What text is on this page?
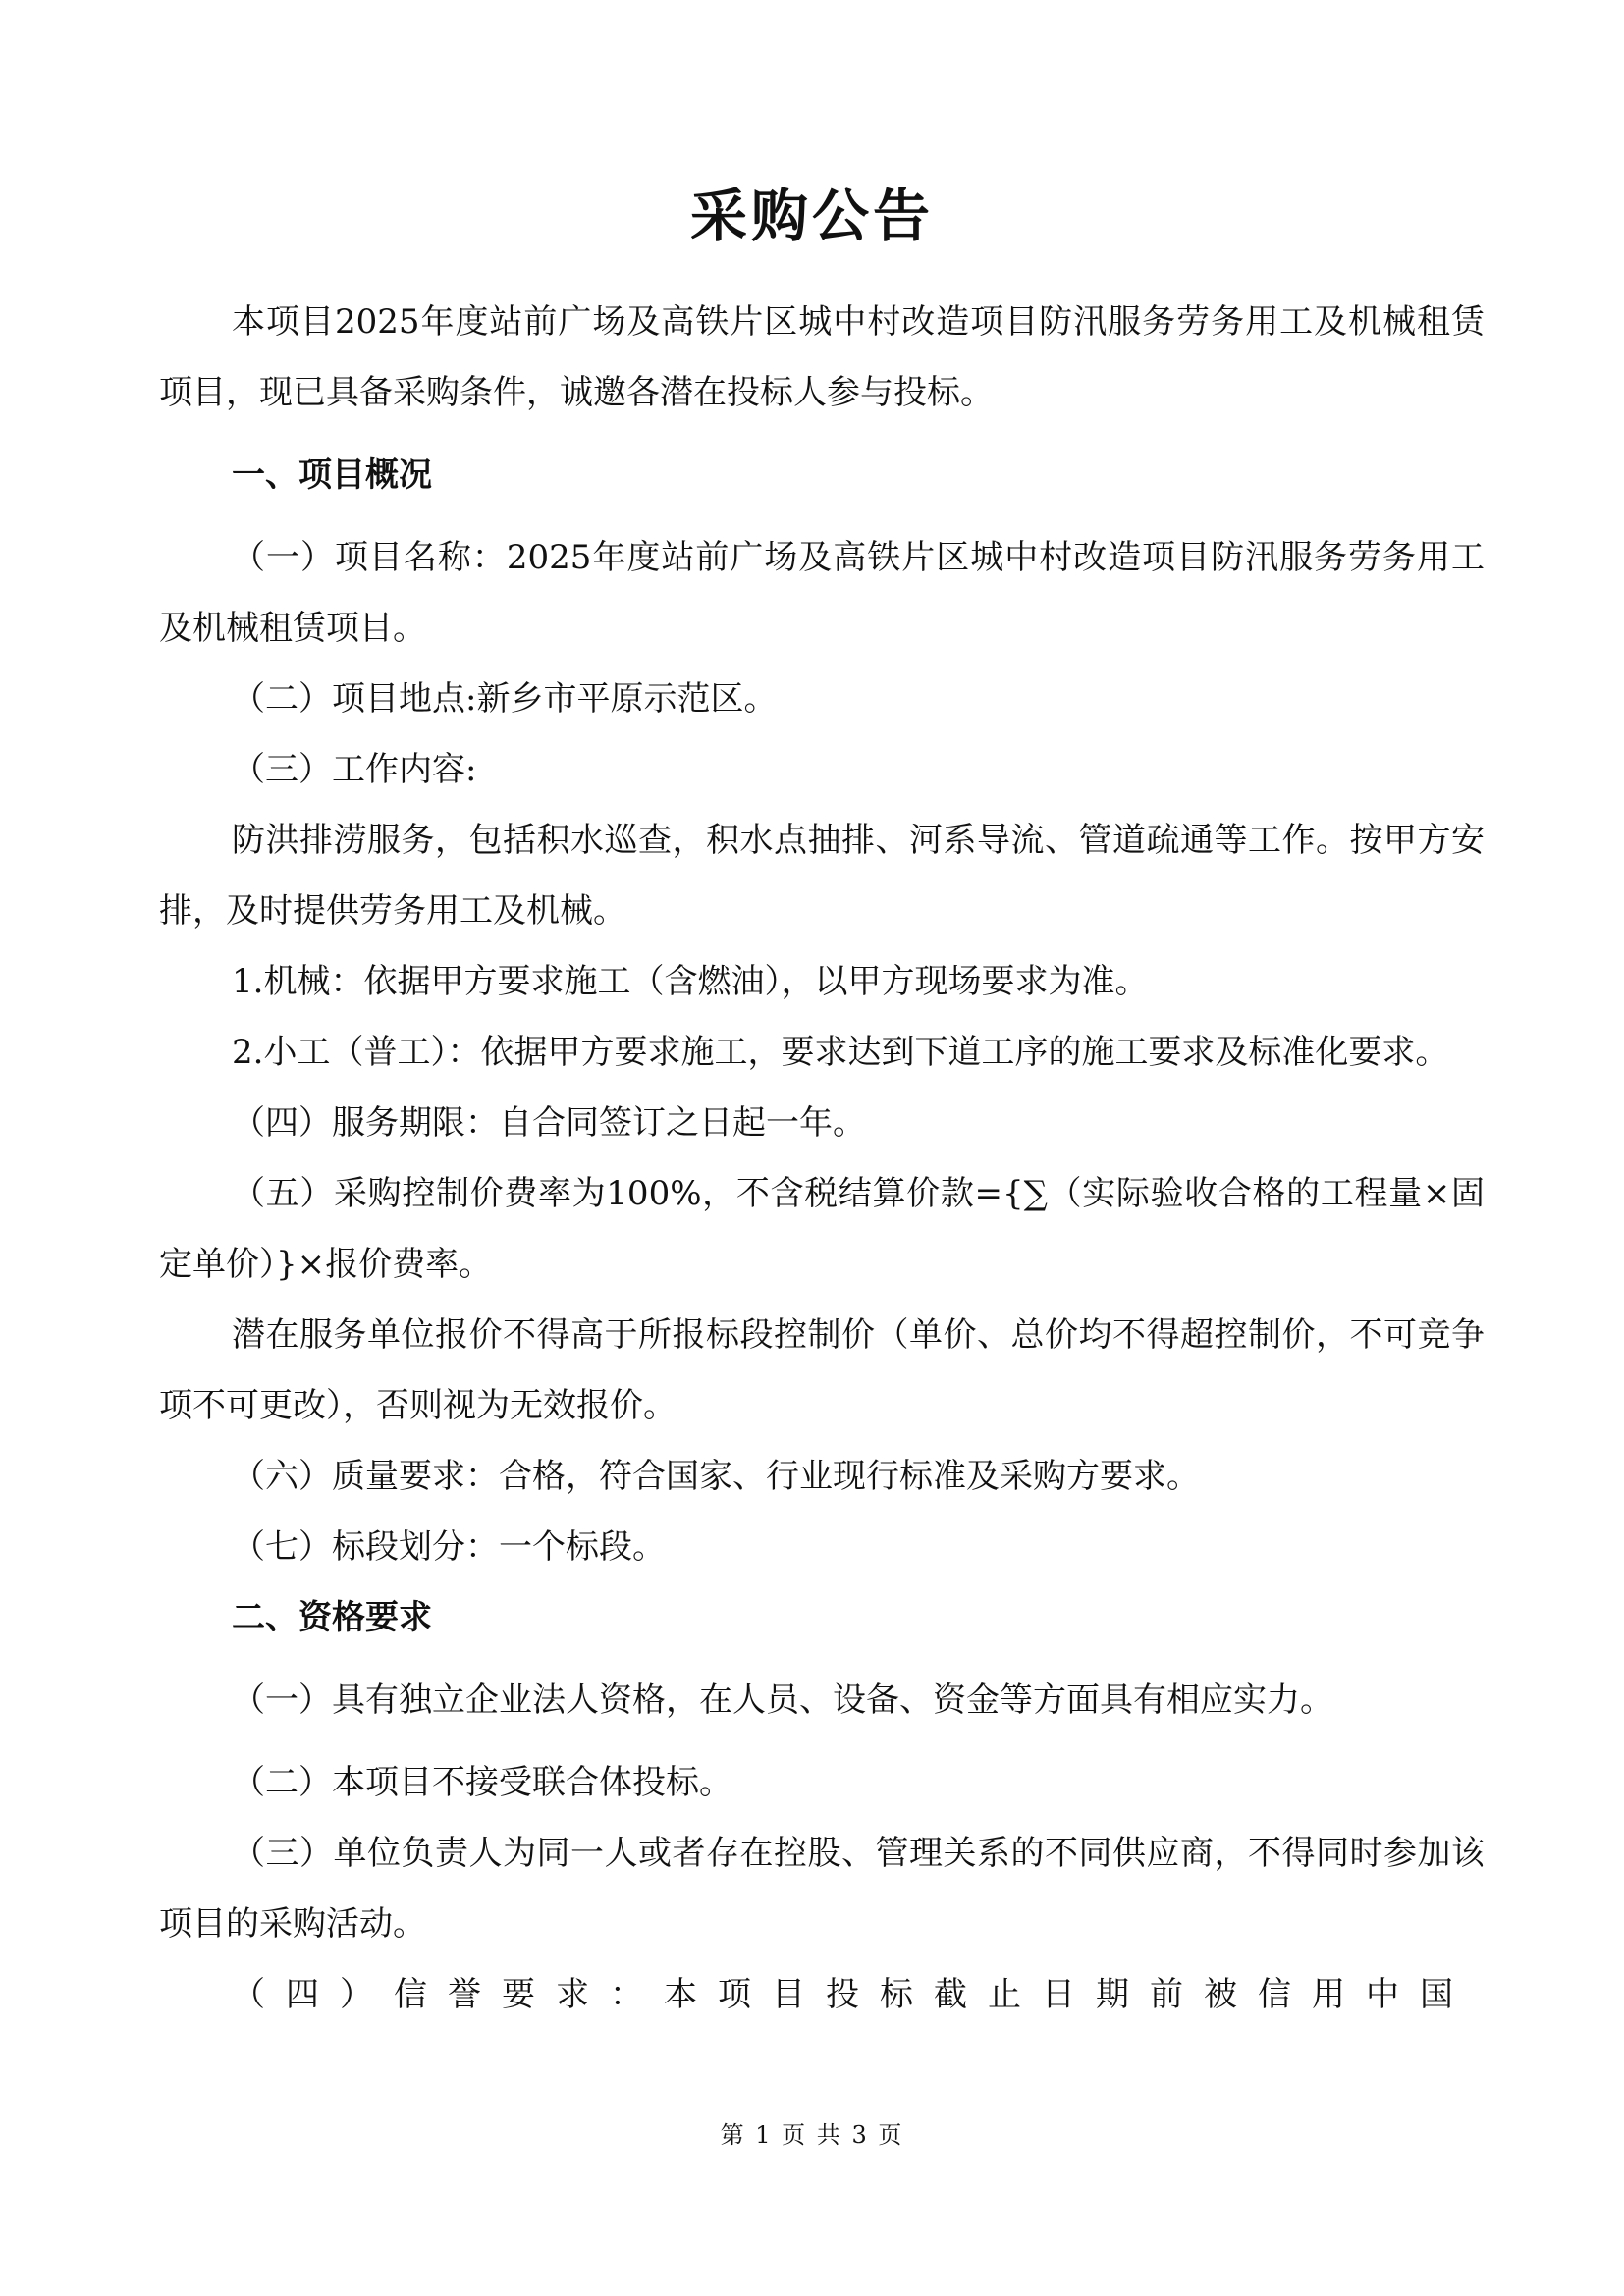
采购公告

本项目2025年度站前广场及高铁片区城中村改造项目防汛服务劳务用工及机械租赁项目，现已具备采购条件，诚邀各潜在投标人参与投标。

一、项目概况

（一）项目名称：2025年度站前广场及高铁片区城中村改造项目防汛服务劳务用工及机械租赁项目。

（二）项目地点:新乡市平原示范区。

（三）工作内容:

防洪排涝服务，包括积水巡查，积水点抽排、河系导流、管道疏通等工作。按甲方安排，及时提供劳务用工及机械。

1.机械：依据甲方要求施工（含燃油），以甲方现场要求为准。

2.小工（普工）：依据甲方要求施工，要求达到下道工序的施工要求及标准化要求。

（四）服务期限：自合同签订之日起一年。

（五）采购控制价费率为100%，不含税结算价款={∑（实际验收合格的工程量×固定单价）}×报价费率。

潜在服务单位报价不得高于所报标段控制价（单价、总价均不得超控制价，不可竞争项不可更改），否则视为无效报价。

（六）质量要求：合格，符合国家、行业现行标准及采购方要求。

（七）标段划分：一个标段。

二、资格要求

（一）具有独立企业法人资格，在人员、设备、资金等方面具有相应实力。

（二）本项目不接受联合体投标。

（三）单位负责人为同一人或者存在控股、管理关系的不同供应商，不得同时参加该项目的采购活动。

（四）信誉要求：本项目投标截止日期前被信用中国

第 1 页 共 3 页
